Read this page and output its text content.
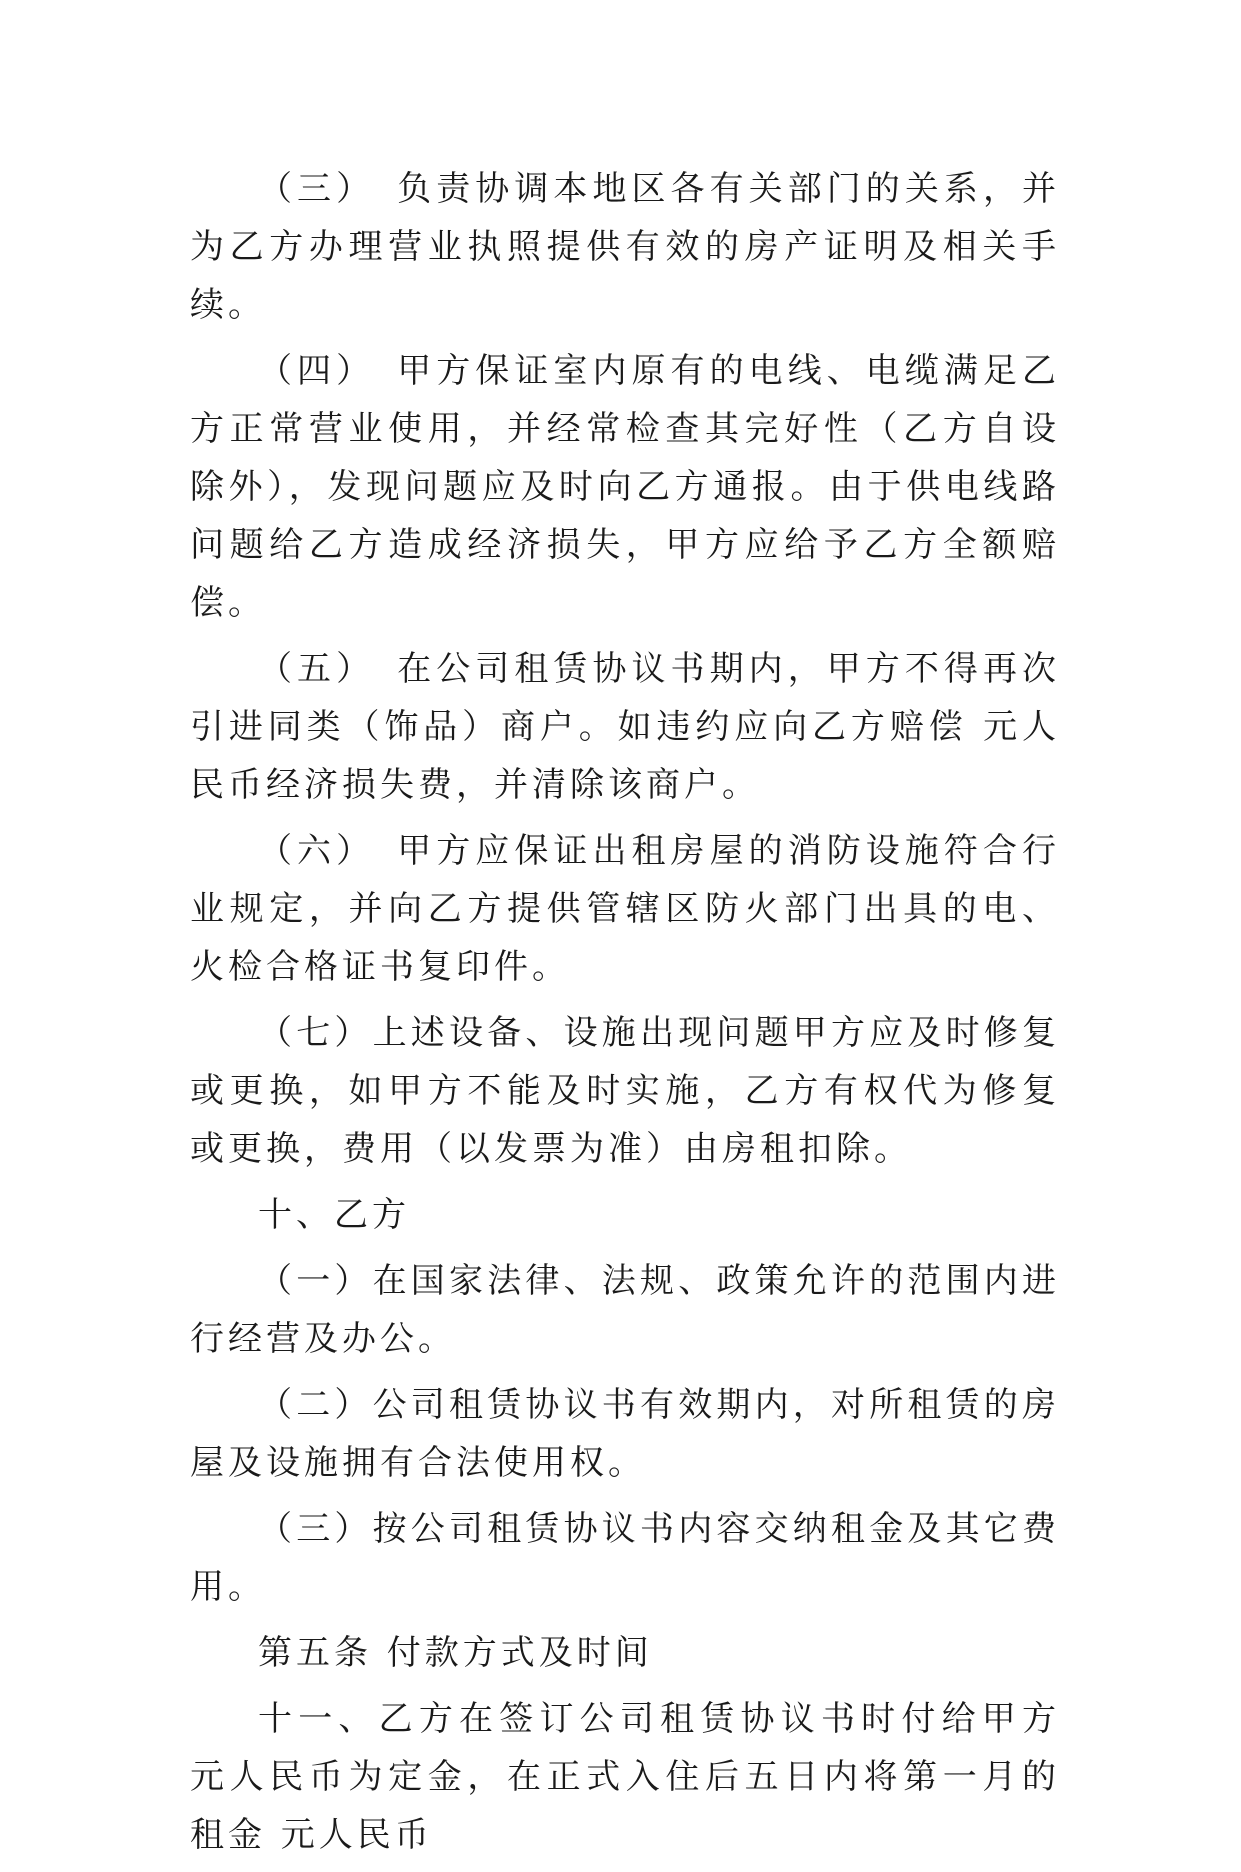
（三）　负责协调本地区各有关部门的关系，并为乙方办理营业执照提供有效的房产证明及相关手续。

（四）　甲方保证室内原有的电线、电缆满足乙方正常营业使用，并经常检查其完好性（乙方自设除外），发现问题应及时向乙方通报。由于供电线路问题给乙方造成经济损失，甲方应给予乙方全额赔偿。

（五）　在公司租赁协议书期内，甲方不得再次引进同类（饰品）商户。如违约应向乙方赔偿 元人民币经济损失费，并清除该商户。

（六）　甲方应保证出租房屋的消防设施符合行业规定，并向乙方提供管辖区防火部门出具的电、火检合格证书复印件。

（七）上述设备、设施出现问题甲方应及时修复或更换，如甲方不能及时实施，乙方有权代为修复或更换，费用（以发票为准）由房租扣除。

十、乙方

（一）在国家法律、法规、政策允许的范围内进行经营及办公。

（二）公司租赁协议书有效期内，对所租赁的房屋及设施拥有合法使用权。

（三）按公司租赁协议书内容交纳租金及其它费用。

第五条 付款方式及时间

十一、乙方在签订公司租赁协议书时付给甲方 元人民币为定金，在正式入住后五日内将第一月的租金 元人民币
